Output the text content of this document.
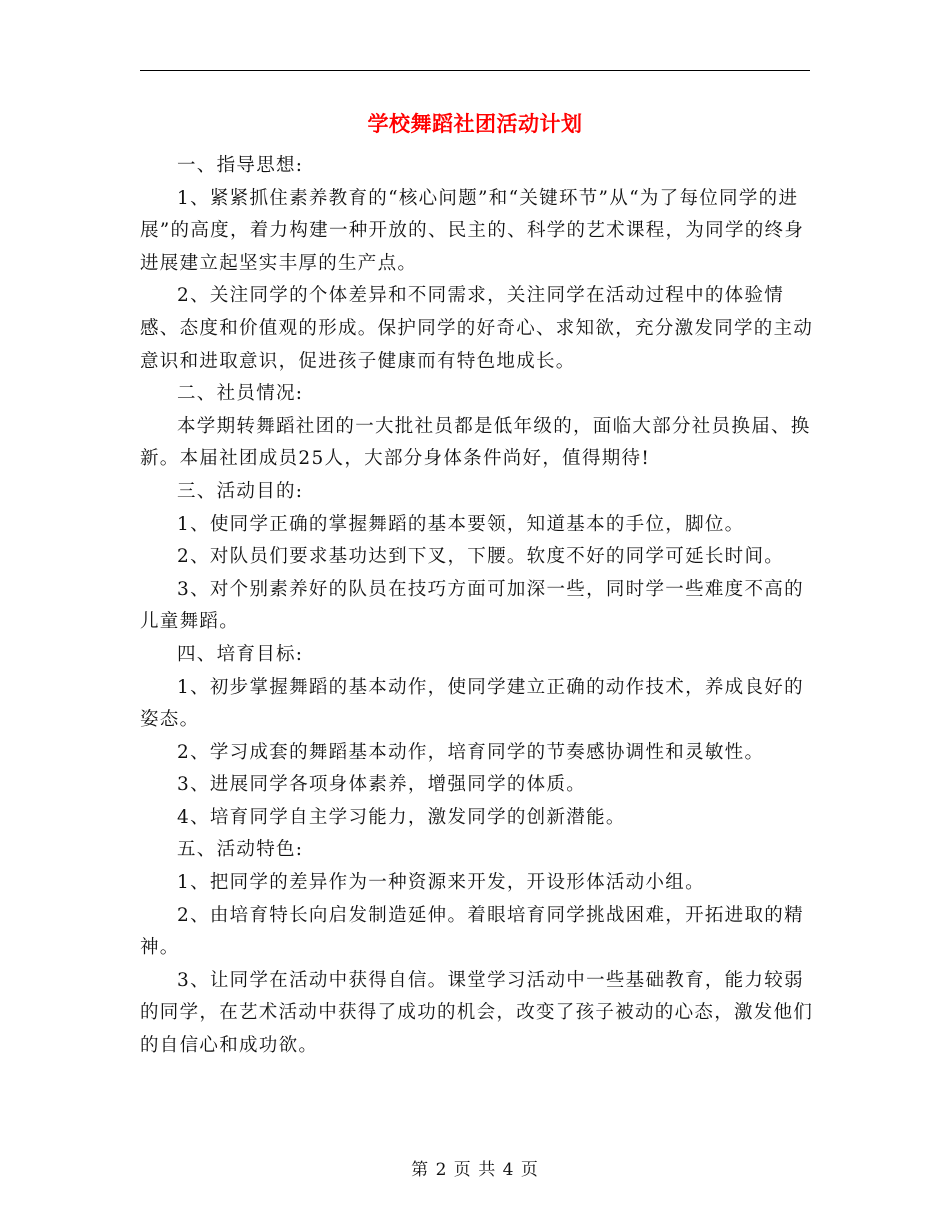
学校舞蹈社团活动计划

一、指导思想:

1、紧紧抓住素养教育的“核心问题”和“关键环节”从“为了每位同学的进展”的高度，着力构建一种开放的、民主的、科学的艺术课程，为同学的终身进展建立起坚实丰厚的生产点。

2、关注同学的个体差异和不同需求，关注同学在活动过程中的体验情感、态度和价值观的形成。保护同学的好奇心、求知欲，充分激发同学的主动意识和进取意识，促进孩子健康而有特色地成长。

二、社员情况:

本学期转舞蹈社团的一大批社员都是低年级的，面临大部分社员换届、换新。本届社团成员25人，大部分身体条件尚好，值得期待!

三、活动目的:

1、使同学正确的掌握舞蹈的基本要领，知道基本的手位，脚位。

2、对队员们要求基功达到下叉，下腰。软度不好的同学可延长时间。

3、对个别素养好的队员在技巧方面可加深一些，同时学一些难度不高的儿童舞蹈。

四、培育目标:

1、初步掌握舞蹈的基本动作，使同学建立正确的动作技术，养成良好的姿态。

2、学习成套的舞蹈基本动作，培育同学的节奏感协调性和灵敏性。

3、进展同学各项身体素养，增强同学的体质。

4、培育同学自主学习能力，激发同学的创新潜能。

五、活动特色:

1、把同学的差异作为一种资源来开发，开设形体活动小组。

2、由培育特长向启发制造延伸。着眼培育同学挑战困难，开拓进取的精神。

3、让同学在活动中获得自信。课堂学习活动中一些基础教育，能力较弱的同学，在艺术活动中获得了成功的机会，改变了孩子被动的心态，激发他们的自信心和成功欲。

第 2 页 共 4 页
